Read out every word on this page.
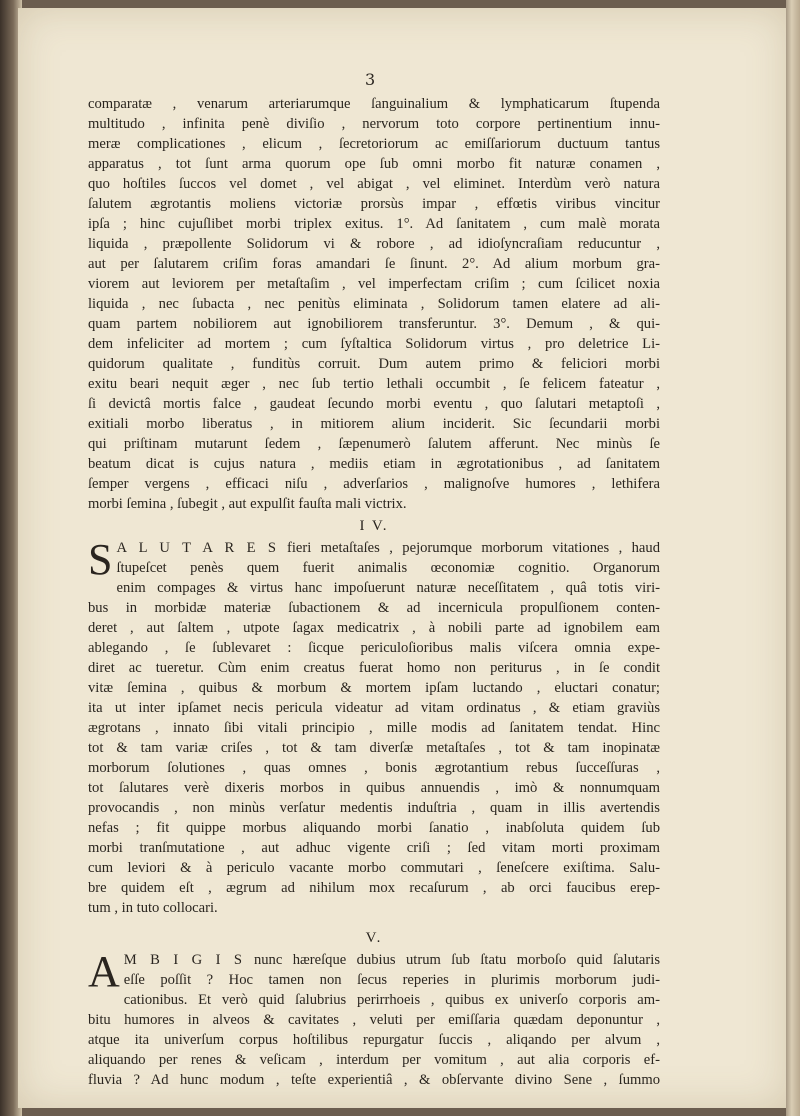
3
comparatæ , venarum arteriarumque ſanguinalium & lymphaticarum ſtupenda
multitudo , infinita penè diviſio , nervorum toto corpore pertinentium innu-
meræ complicationes , elicum , ſecretoriorum ac emiſſariorum ductuum tantus
apparatus , tot ſunt arma quorum ope ſub omni morbo fit naturæ conamen ,
quo hoſtiles ſuccos vel domet , vel abigat , vel eliminet. Interdùm verò natura
ſalutem ægrotantis moliens victoriæ prorsùs impar , effœtis viribus vincitur
ipſa ; hinc cujuſlibet morbi triplex exitus. 1°. Ad ſanitatem , cum malè morata
liquida , præpollente Solidorum vi & robore , ad idioſyncraſiam reducuntur ,
aut per ſalutarem criſim foras amandari ſe ſinunt. 2°. Ad alium morbum gra-
viorem aut leviorem per metaſtaſim , vel imperfectam criſim ; cum ſcilicet noxia
liquida , nec ſubacta , nec penitùs eliminata , Solidorum tamen elatere ad ali-
quam partem nobiliorem aut ignobiliorem transferuntur. 3°. Demum , & qui-
dem infeliciter ad mortem ; cum ſyſtaltica Solidorum virtus , pro deletrice Li-
quidorum qualitate , funditùs corruit. Dum autem primo & feliciori morbi
exitu beari nequit æger , nec ſub tertio lethali occumbit , ſe felicem fateatur ,
ſi devictâ mortis falce , gaudeat ſecundo morbi eventu , quo ſalutari metaptoſi ,
exitiali morbo liberatus , in mitiorem alium inciderit. Sic ſecundarii morbi
qui priſtinam mutarunt ſedem , ſæpenumerò ſalutem afferunt. Nec minùs ſe
beatum dicat is cujus natura , mediis etiam in ægrotationibus , ad ſanitatem
ſemper vergens , efficaci niſu , adverſarios , malignoſve humores , lethifera
morbi ſemina , ſubegit , aut expulſit fauſta mali victrix.
I V.
S A L U T A R E S fieri metaſtaſes , pejorumque morborum vitationes , haud
ſtupeſcet penès quem fuerit animalis œconomiæ cognitio. Organorum
enim compages & virtus hanc impoſuerunt naturæ neceſſitatem , quâ totis viri-
bus in morbidæ materiæ ſubactionem & ad incernicula propulſionem conten-
deret , aut ſaltem , utpote ſagax medicatrix , à nobili parte ad ignobilem eam
ablegando , ſe ſublevaret : ſicque periculoſioribus malis viſcera omnia expe-
diret ac tueretur. Cùm enim creatus fuerat homo non periturus , in ſe condit
vitæ ſemina , quibus & morbum & mortem ipſam luctando , eluctari conatur;
ita ut inter ipſamet necis pericula videatur ad vitam ordinatus , & etiam graviùs
ægrotans , innato ſibi vitali principio , mille modis ad ſanitatem tendat. Hinc
tot & tam variæ criſes , tot & tam diverſæ metaſtaſes , tot & tam inopinatæ
morborum ſolutiones , quas omnes , bonis ægrotantium rebus ſucceſſuras ,
tot ſalutares verè dixeris morbos in quibus annuendis , imò & nonnumquam
provocandis , non minùs verſatur medentis induſtria , quam in illis avertendis
nefas ; fit quippe morbus aliquando morbi ſanatio , inabſoluta quidem ſub
morbi tranſmutatione , aut adhuc vigente criſi ; ſed vitam morti proximam
cum leviori & à periculo vacante morbo commutari , ſeneſcere exiſtima. Salu-
bre quidem eſt , ægrum ad nihilum mox recaſurum , ab orci faucibus erep-
tum , in tuto collocari.
V.
A M B I G I S nunc hæreſque dubius utrum ſub ſtatu morboſo quid ſalutaris
eſſe poſſit ? Hoc tamen non ſecus reperies in plurimis morborum judi-
cationibus. Et verò quid ſalubrius perirrhoeis , quibus ex univerſo corporis am-
bitu humores in alveos & cavitates , veluti per emiſſaria quædam deponuntur ,
atque ita univerſum corpus hoſtilibus repurgatur ſuccis , aliqando per alvum ,
aliquando per renes & veſicam , interdum per vomitum , aut alia corporis ef-
fluvia ? Ad hunc modum , teſte experientiâ , & obſervante divino Sene , ſummo
